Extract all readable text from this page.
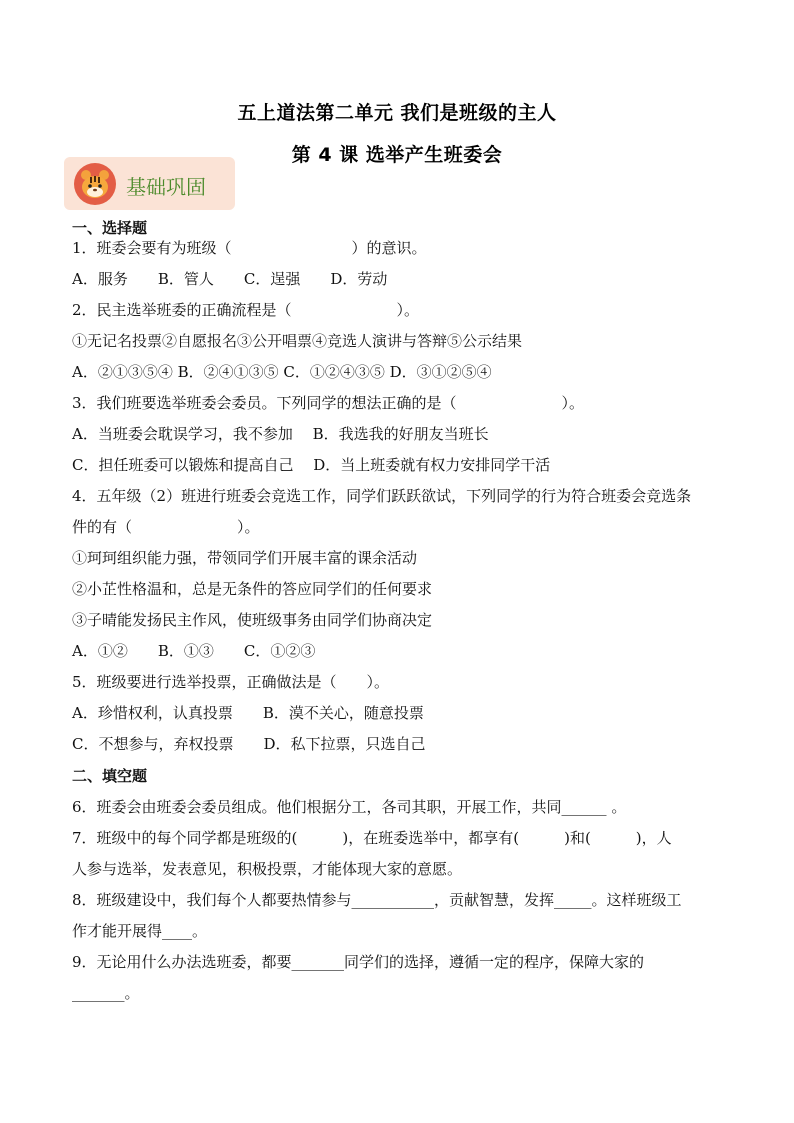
五上道法第二单元 我们是班级的主人
第 4 课 选举产生班委会
基础巩固
一、选择题
1．班委会要有为班级（　　　　　　　　）的意识。
A．服务　　B．管人　　C．逞强　　D．劳动
2．民主选举班委的正确流程是（　　　　　　　）。
①无记名投票②自愿报名③公开唱票④竞选人演讲与答辩⑤公示结果
A．②①③⑤④ B．②④①③⑤ C．①②④③⑤ D．③①②⑤④
3．我们班要选举班委会委员。下列同学的想法正确的是（　　　　　　　）。
A．当班委会耽误学习，我不参加　 B．我选我的好朋友当班长
C．担任班委可以锻炼和提高自己　 D．当上班委就有权力安排同学干活
4．五年级（2）班进行班委会竞选工作，同学们跃跃欲试，下列同学的行为符合班委会竞选条
件的有（　　　　　　　）。
①珂珂组织能力强，带领同学们开展丰富的课余活动
②小芷性格温和，总是无条件的答应同学们的任何要求
③子晴能发扬民主作风，使班级事务由同学们协商决定
A．①②　　B．①③　　C．①②③
5．班级要进行选举投票，正确做法是（　　）。
A．珍惜权利，认真投票　　B．漠不关心，随意投票
C．不想参与，弃权投票　　D．私下拉票，只选自己
二、填空题
6．班委会由班委会委员组成。他们根据分工，各司其职，开展工作，共同______ 。
7．班级中的每个同学都是班级的(　　　)，在班委选举中，都享有(　　　)和(　　　)，人
人参与选举，发表意见，积极投票，才能体现大家的意愿。
8．班级建设中，我们每个人都要热情参与___________，贡献智慧，发挥_____。这样班级工
作才能开展得____。
9．无论用什么办法选班委，都要_______同学们的选择，遵循一定的程序，保障大家的
_______。
